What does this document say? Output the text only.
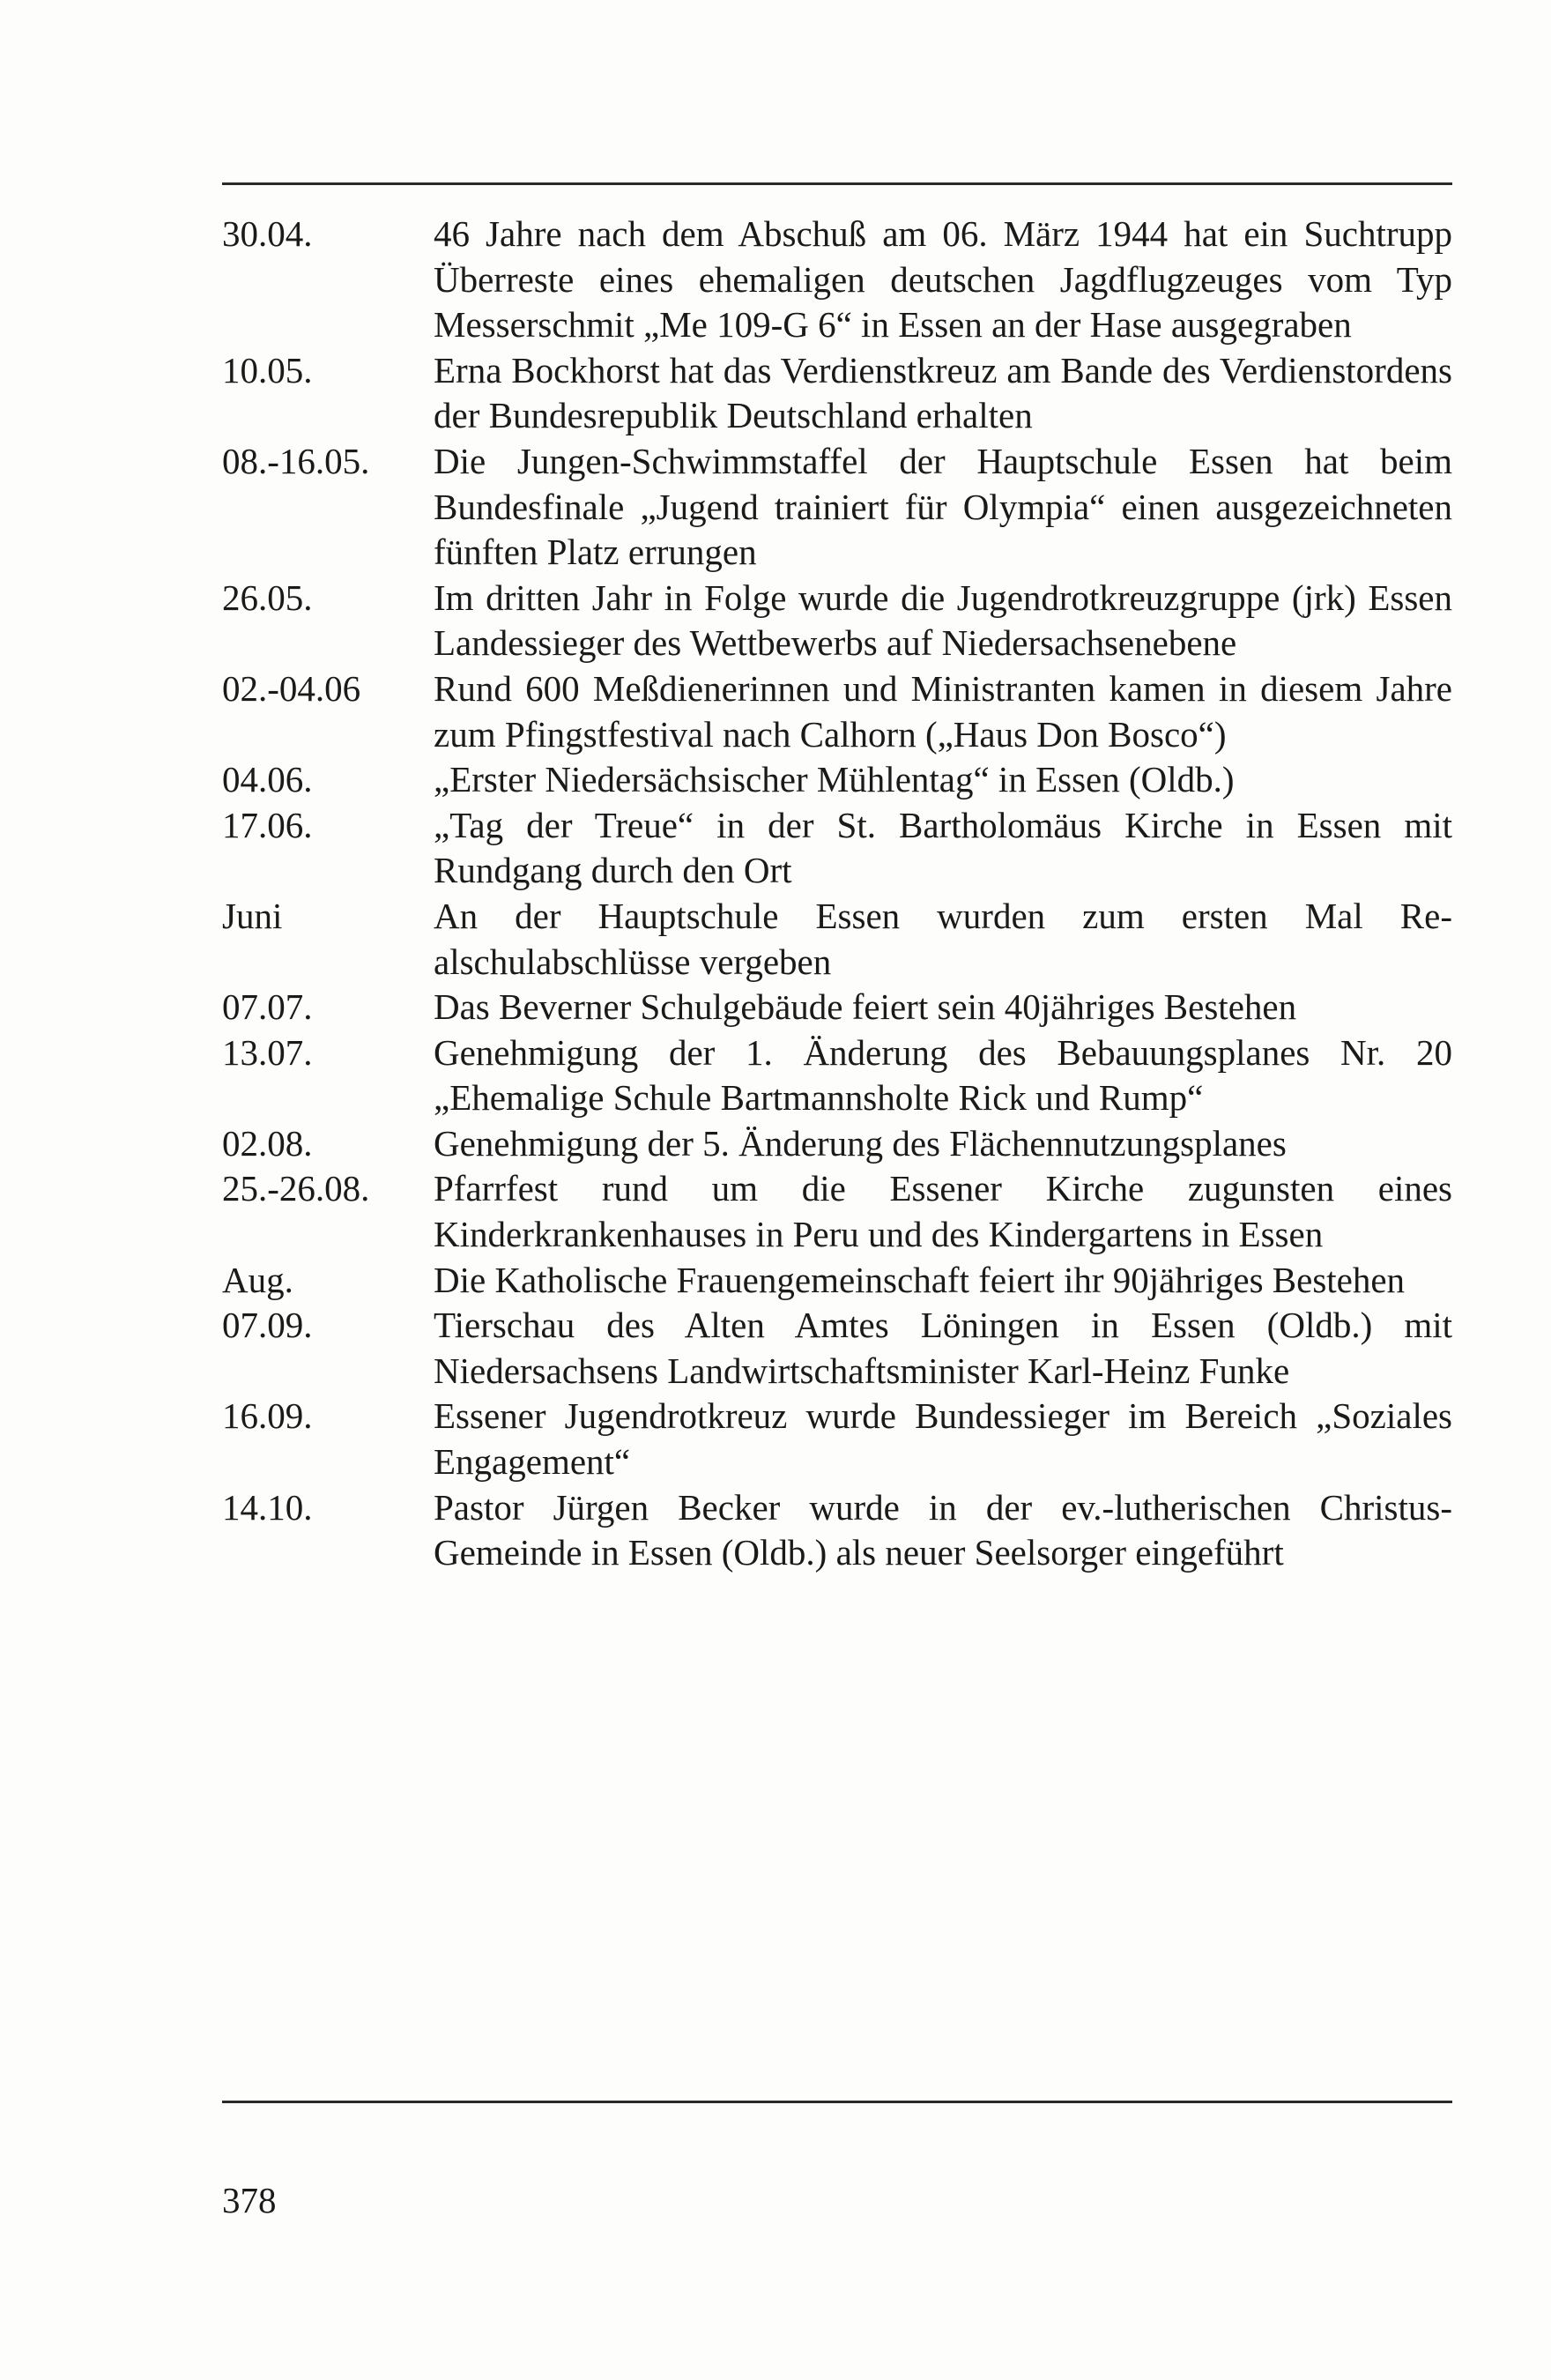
30.04.	46 Jahre nach dem Abschuß am 06. März 1944 hat ein Suchtrupp Überreste eines ehemaligen deutschen Jagdflugzeuges vom Typ Messerschmit „Me 109-G 6“ in Essen an der Hase ausgegraben
10.05.	Erna Bockhorst hat das Verdienstkreuz am Bande des Verdienstordens der Bundesrepublik Deutschland erhalten
08.-16.05.	Die Jungen-Schwimmstaffel der Hauptschule Essen hat beim Bundesfinale „Jugend trainiert für Olympia“ einen ausgezeichneten fünften Platz errungen
26.05.	Im dritten Jahr in Folge wurde die Jugendrotkreuzgruppe (jrk) Essen Landessieger des Wettbewerbs auf Niedersachsenebene
02.-04.06	Rund 600 Meßdienerinnen und Ministranten kamen in diesem Jahre zum Pfingstfestival nach Calhorn („Haus Don Bosco“)
04.06.	„Erster Niedersächsischer Mühlentag“ in Essen (Oldb.)
17.06.	„Tag der Treue“ in der St. Bartholomäus Kirche in Essen mit Rundgang durch den Ort
Juni	An der Hauptschule Essen wurden zum ersten Mal Realschulabschlüsse vergeben
07.07.	Das Beverner Schulgebäude feiert sein 40jähriges Bestehen
13.07.	Genehmigung der 1. Änderung des Bebauungsplanes Nr. 20 „Ehemalige Schule Bartmannsholte Rick und Rump“
02.08.	Genehmigung der 5. Änderung des Flächennutzungsplanes
25.-26.08.	Pfarrfest rund um die Essener Kirche zugunsten eines Kinderkrankenhauses in Peru und des Kindergartens in Essen
Aug.	Die Katholische Frauengemeinschaft feiert ihr 90jähriges Bestehen
07.09.	Tierschau des Alten Amtes Löningen in Essen (Oldb.) mit Niedersachsens Landwirtschaftsminister Karl-Heinz Funke
16.09.	Essener Jugendrotkreuz wurde Bundessieger im Bereich „Soziales Engagement“
14.10.	Pastor Jürgen Becker wurde in der ev.-lutherischen Christus-Gemeinde in Essen (Oldb.) als neuer Seelsorger eingeführt
378
